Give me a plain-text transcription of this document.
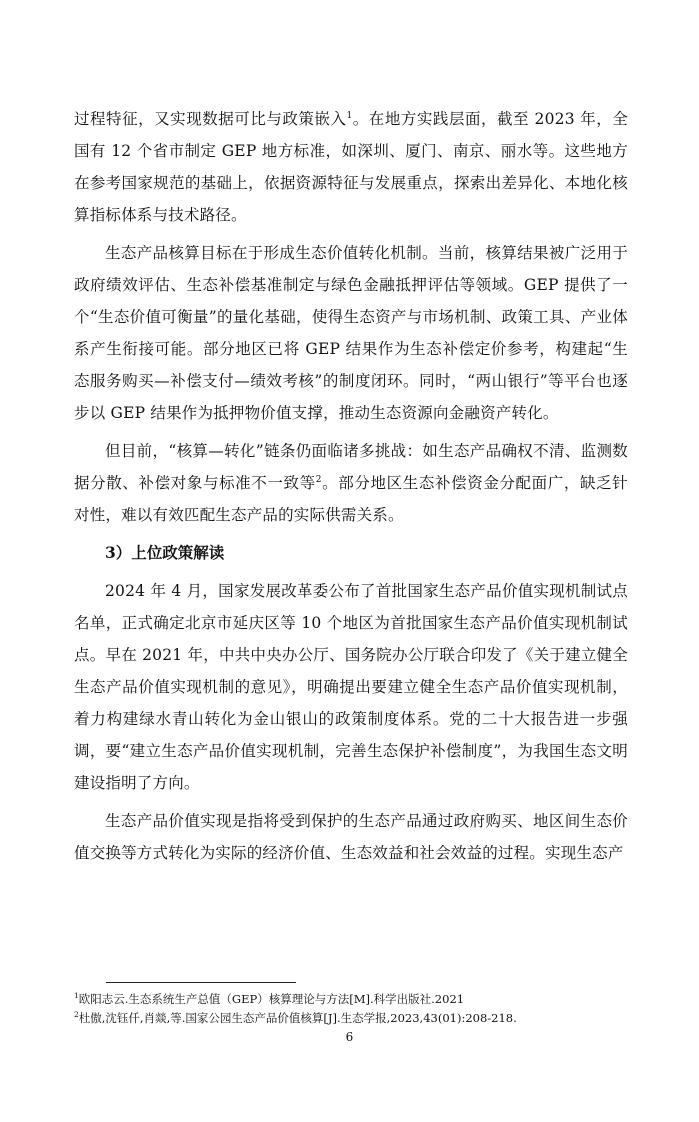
过程特征，又实现数据可比与政策嵌入$^1$。在地方实践层面，截至 2023 年，全国有 12 个省市制定 GEP 地方标准，如深圳、厦门、南京、丽水等。这些地方在参考国家规范的基础上，依据资源特征与发展重点，探索出差异化、本地化核算指标体系与技术路径。

生态产品核算目标在于形成生态价值转化机制。当前，核算结果被广泛用于政府绩效评估、生态补偿基准制定与绿色金融抵押评估等领域。GEP 提供了一个“生态价值可衡量”的量化基础，使得生态资产与市场机制、政策工具、产业体系产生衔接可能。部分地区已将 GEP 结果作为生态补偿定价参考，构建起“生态服务购买—补偿支付—绩效考核”的制度闭环。同时，“两山银行”等平台也逐步以 GEP 结果作为抵押物价值支撑，推动生态资源向金融资产转化。

但目前，“核算—转化”链条仍面临诸多挑战：如生态产品确权不清、监测数据分散、补偿对象与标准不一致等$^2$。部分地区生态补偿资金分配面广，缺乏针对性，难以有效匹配生态产品的实际供需关系。

3）上位政策解读

2024 年 4 月，国家发展改革委公布了首批国家生态产品价值实现机制试点名单，正式确定北京市延庆区等 10 个地区为首批国家生态产品价值实现机制试点。早在 2021 年，中共中央办公厅、国务院办公厅联合印发了《关于建立健全生态产品价值实现机制的意见》，明确提出要建立健全生态产品价值实现机制，着力构建绿水青山转化为金山银山的政策制度体系。党的二十大报告进一步强调，要“建立生态产品价值实现机制，完善生态保护补偿制度”，为我国生态文明建设指明了方向。

生态产品价值实现是指将受到保护的生态产品通过政府购买、地区间生态价值交换等方式转化为实际的经济价值、生态效益和社会效益的过程。实现生态产

$^1$欧阳志云.生态系统生产总值（GEP）核算理论与方法[M].科学出版社.2021
$^2$杜傲,沈钰仟,肖燚,等.国家公园生态产品价值核算[J].生态学报,2023,43(01):208-218.
6
